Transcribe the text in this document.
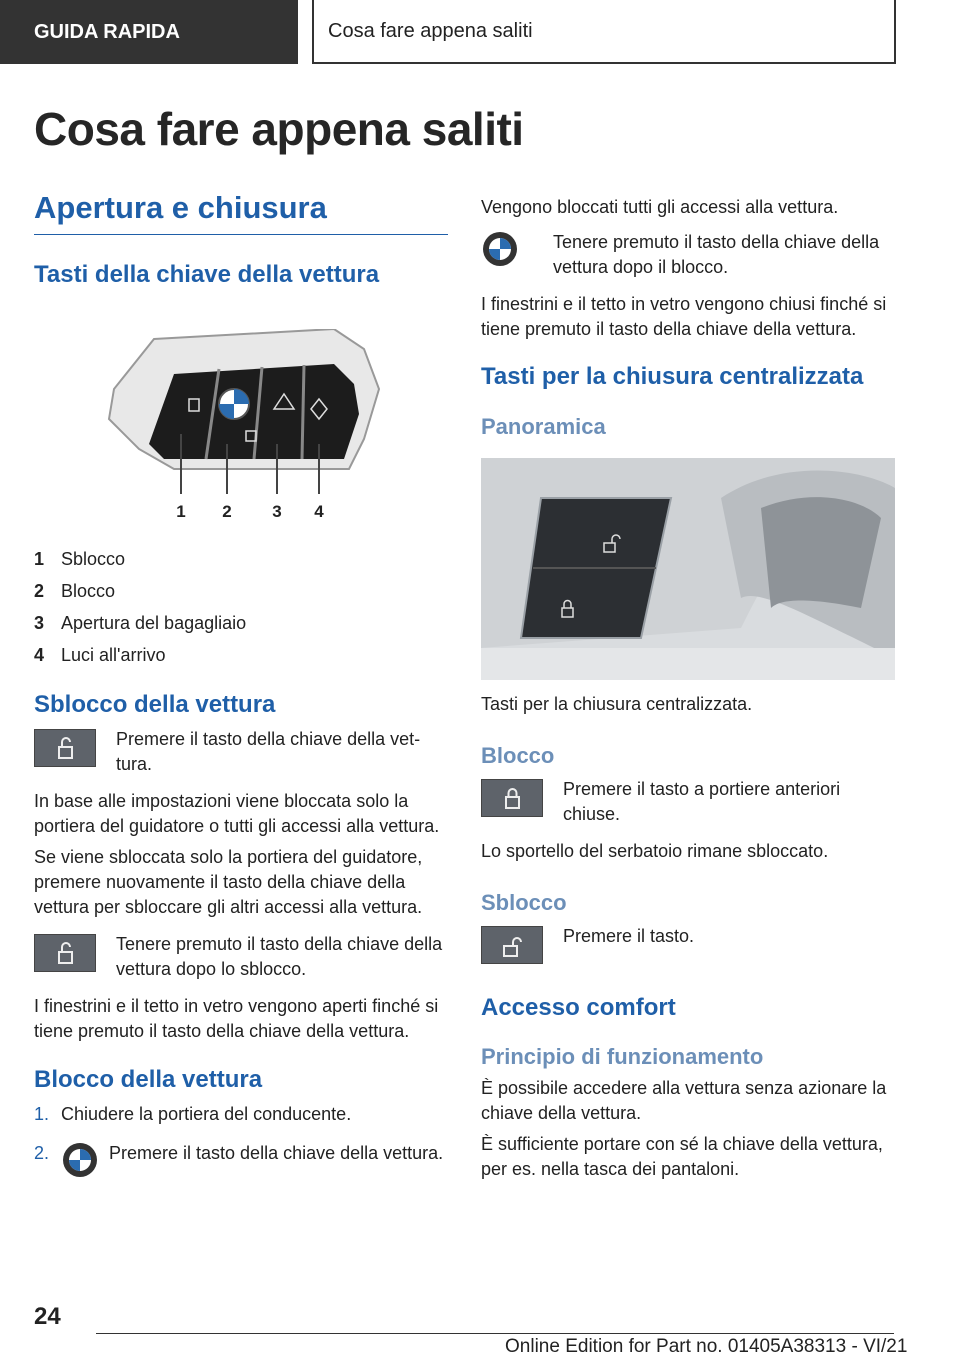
GUIDA RAPIDA	Cosa fare appena saliti
Cosa fare appena saliti
Apertura e chiusura
Tasti della chiave della vettura
1 2 3 4
1 Sblocco
2 Blocco
3 Apertura del bagagliaio
4 Luci all'arrivo
Sblocco della vettura
Premere il tasto della chiave della vettura.

In base alle impostazioni viene bloccata solo la portiera del guidatore o tutti gli accessi alla vettura.

Se viene sbloccata solo la portiera del guidatore, premere nuovamente il tasto della chiave della vettura per sbloccare gli altri accessi alla vettura.

Tenere premuto il tasto della chiave della vettura dopo lo sblocco.

I finestrini e il tetto in vetro vengono aperti finché si tiene premuto il tasto della chiave della vettura.

Blocco della vettura
1. Chiudere la portiera del conducente.
2.	Premere il tasto della chiave della vettura.

Vengono bloccati tutti gli accessi alla vettura.

Tenere premuto il tasto della chiave della vettura dopo il blocco.

I finestrini e il tetto in vetro vengono chiusi finché si tiene premuto il tasto della chiave della vettura.

Tasti per la chiusura centralizzata
Panoramica

Tasti per la chiusura centralizzata.

Blocco
Premere il tasto a portiere anteriori chiuse.

Lo sportello del serbatoio rimane sbloccato.

Sblocco
Premere il tasto.
Accesso comfort
Principio di funzionamento

È possibile accedere alla vettura senza azionare la chiave della vettura.

È sufficiente portare con sé la chiave della vettura, per es. nella tasca dei pantaloni.

24
Online Edition for Part no. 01405A38313 - VI/21
